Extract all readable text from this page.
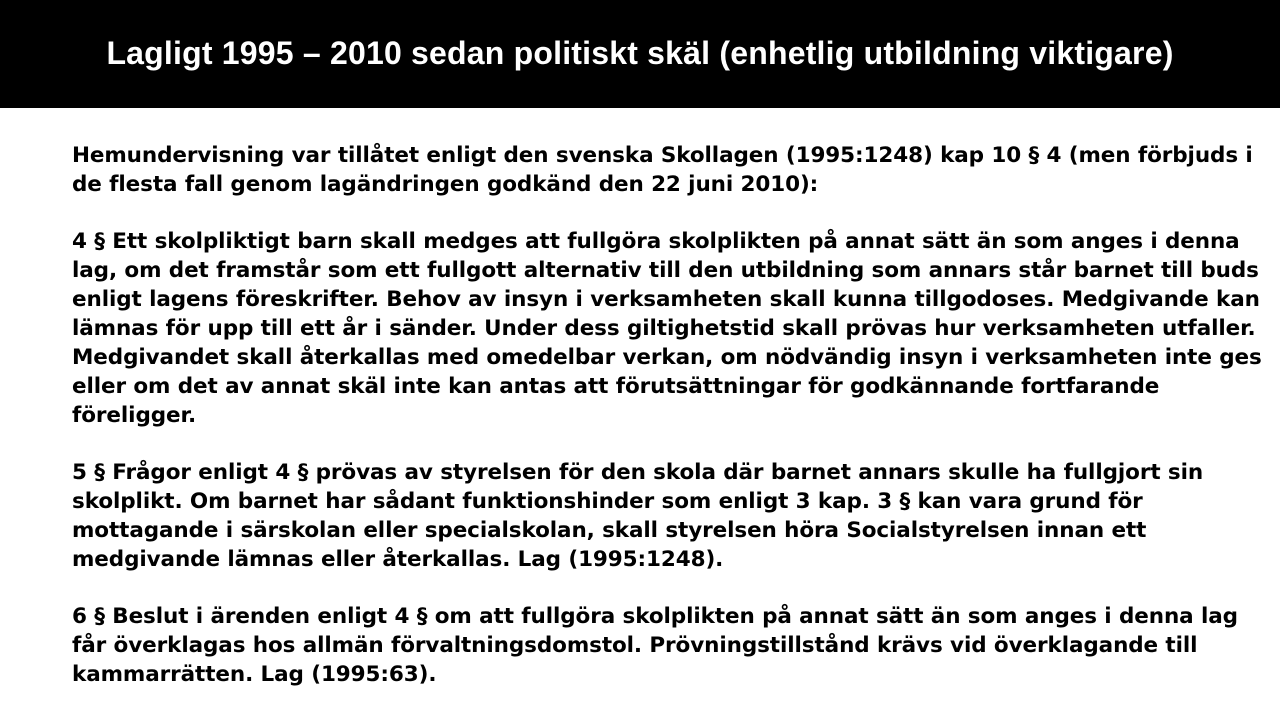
Lagligt 1995 – 2010 sedan politiskt skäl (enhetlig utbildning viktigare)

Hemundervisning var tillåtet enligt den svenska Skollagen (1995:1248) kap 10 § 4 (men förbjuds i de flesta fall genom lagändringen godkänd den 22 juni 2010):

4 § Ett skolpliktigt barn skall medges att fullgöra skolplikten på annat sätt än som anges i denna lag, om det framstår som ett fullgott alternativ till den utbildning som annars står barnet till buds enligt lagens föreskrifter. Behov av insyn i verksamheten skall kunna tillgodoses. Medgivande kan lämnas för upp till ett år i sänder. Under dess giltighetstid skall prövas hur verksamheten utfaller. Medgivandet skall återkallas med omedelbar verkan, om nödvändig insyn i verksamheten inte ges eller om det av annat skäl inte kan antas att förutsättningar för godkännande fortfarande föreligger.

5 § Frågor enligt 4 § prövas av styrelsen för den skola där barnet annars skulle ha fullgjort sin skolplikt. Om barnet har sådant funktionshinder som enligt 3 kap. 3 § kan vara grund för mottagande i särskolan eller specialskolan, skall styrelsen höra Socialstyrelsen innan ett medgivande lämnas eller återkallas. Lag (1995:1248).

6 § Beslut i ärenden enligt 4 § om att fullgöra skolplikten på annat sätt än som anges i denna lag får överklagas hos allmän förvaltningsdomstol. Prövningstillstånd krävs vid överklagande till kammarrätten. Lag (1995:63).
